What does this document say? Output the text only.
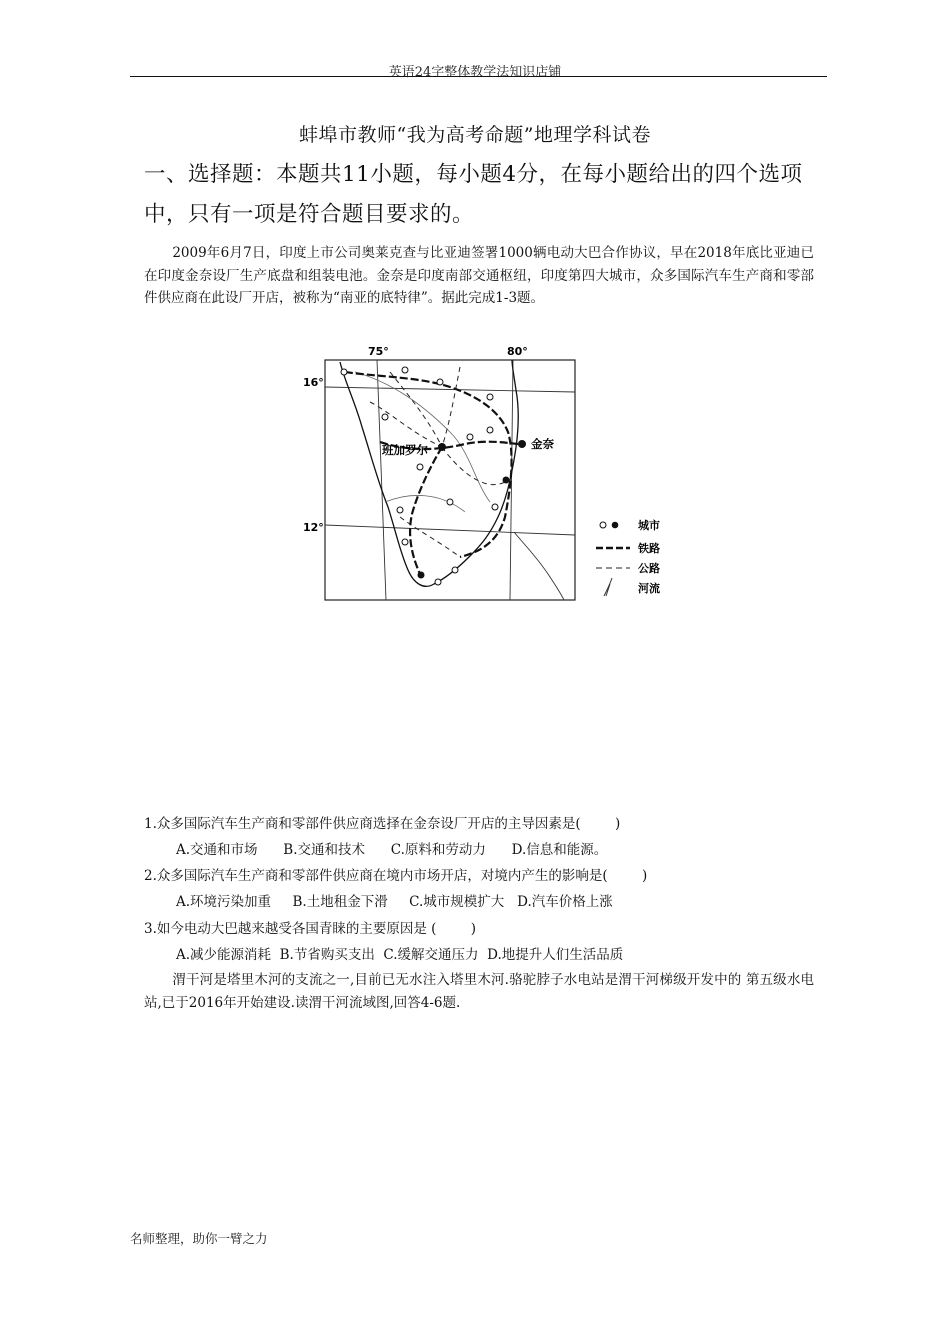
英语24字整体教学法知识店铺
蚌埠市教师“我为高考命题”地理学科试卷
一、选择题：本题共11小题，每小题4分，在每小题给出的四个选项中，只有一项是符合题目要求的。
2009年6月7日，印度上市公司奥莱克查与比亚迪签署1000辆电动大巴合作协议，早在2018年底比亚迪已在印度金奈设厂生产底盘和组装电池。金奈是印度南部交通枢纽，印度第四大城市，众多国际汽车生产商和零部件供应商在此设厂开店，被称为“南亚的底特律”。据此完成1-3题。
75°	80°
16°
12°
班加罗尔	金奈
城市
铁路
公路
河流
1.众多国际汽车生产商和零部件供应商选择在金奈设厂开店的主导因素是(        )
A.交通和市场      B.交通和技术      C.原料和劳动力      D.信息和能源。
2.众多国际汽车生产商和零部件供应商在境内市场开店，对境内产生的影响是(        )
A.环境污染加重     B.土地租金下滑     C.城市规模扩大   D.汽车价格上涨
3.如今电动大巴越来越受各国青睐的主要原因是 (        )
A.减少能源消耗  B.节省购买支出  C.缓解交通压力  D.地提升人们生活品质
渭干河是塔里木河的支流之一,目前已无水注入塔里木河.骆驼脖子水电站是渭干河梯级开发中的 第五级水电站,已于2016年开始建设.读渭干河流域图,回答4-6题.
名师整理，助你一臂之力
